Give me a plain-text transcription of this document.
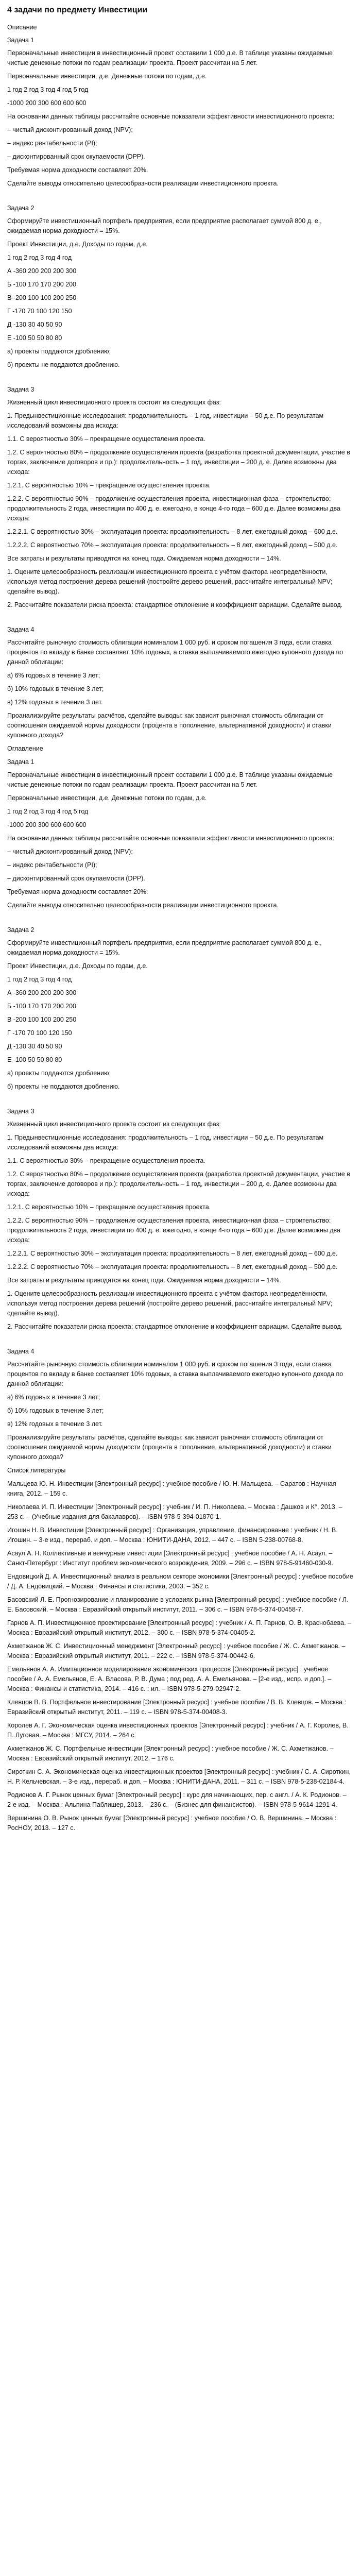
4 задачи по предмету Инвестиции
Описание
Задача 1
Первоначальные инвестиции в инвестиционный проект составили 1 000 д.е. В таблице указаны ожидаемые чистые денежные потоки по годам реализации проекта. Проект рассчитан на 5 лет.
Первоначальные инвестиции, д.е. Денежные потоки по годам, д.е.
1 год 2 год 3 год 4 год 5 год
-1000 200 300 600 600 600
На основании данных таблицы рассчитайте основные показатели эффективности инвестиционного проекта:
– чистый дисконтированный доход (NPV);
– индекс рентабельности (PI);
– дисконтированный срок окупаемости (DPP).
Требуемая норма доходности составляет 20%.
Сделайте выводы относительно целесообразности реализации инвестиционного проекта.
Задача 2
Сформируйте инвестиционный портфель предприятия, если предприятие располагает суммой 800 д. е., ожидаемая норма доходности = 15%.
Проект Инвестиции, д.е. Доходы по годам, д.е.
1 год 2 год 3 год 4 год
А -360 200 200 200 300
Б -100 170 170 200 200
В -200 100 100 200 250
Г -170 70 100 120 150
Д -130 30 40 50 90
Е -100 50 50 80 80
а) проекты поддаются дроблению;
б) проекты не поддаются дроблению.
Задача 3
Жизненный цикл инвестиционного проекта состоит из следующих фаз:
1. Предынвестиционные исследования: продолжительность – 1 год, инвестиции – 50 д.е. По результатам исследований возможны два исхода:
1.1. С вероятностью 30% – прекращение осуществления проекта.
1.2. С вероятностью 80% – продолжение осуществления проекта (разработка проектной документации, участие в торгах, заключение договоров и пр.): продолжительность – 1 год, инвестиции – 200 д. е. Далее возможны два исхода:
1.2.1. С вероятностью 10% – прекращение осуществления проекта.
1.2.2. С вероятностью 90% – продолжение осуществления проекта, инвестиционная фаза – строительство: продолжительность 2 года, инвестиции по 400 д. е. ежегодно, в конце 4-го года – 600 д.е. Далее возможны два исхода:
1.2.2.1. С вероятностью 30% – эксплуатация проекта: продолжительность – 8 лет, ежегодный доход – 600 д.е.
1.2.2.2. С вероятностью 70% – эксплуатация проекта: продолжительность – 8 лет, ежегодный доход – 500 д.е.
Все затраты и результаты приводятся на конец года. Ожидаемая норма доходности – 14%.
1. Оцените целесообразность реализации инвестиционного проекта с учётом фактора неопределённости, используя метод построения дерева решений (постройте дерево решений, рассчитайте интегральный NPV; сделайте вывод).
2. Рассчитайте показатели риска проекта: стандартное отклонение и коэффициент вариации. Сделайте вывод.
Задача 4
Рассчитайте рыночную стоимость облигации номиналом 1 000 руб. и сроком погашения 3 года, если ставка процентов по вкладу в банке составляет 10% годовых, а ставка выплачиваемого ежегодно купонного дохода по данной облигации:
а) 6% годовых в течение 3 лет;
б) 10% годовых в течение 3 лет;
в) 12% годовых в течение 3 лет.
Проанализируйте результаты расчётов, сделайте выводы: как зависит рыночная стоимость облигации от соотношения ожидаемой нормы доходности (процента в пополнение, альтернативной доходности) и ставки купонного дохода?
Оглавление
Задача 1
Первоначальные инвестиции в инвестиционный проект составили 1 000 д.е. В таблице указаны ожидаемые чистые денежные потоки по годам реализации проекта. Проект рассчитан на 5 лет.
Первоначальные инвестиции, д.е. Денежные потоки по годам, д.е.
1 год 2 год 3 год 4 год 5 год
-1000 200 300 600 600 600
На основании данных таблицы рассчитайте основные показатели эффективности инвестиционного проекта:
– чистый дисконтированный доход (NPV);
– индекс рентабельности (PI);
– дисконтированный срок окупаемости (DPP).
Требуемая норма доходности составляет 20%.
Сделайте выводы относительно целесообразности реализации инвестиционного проекта.
Задача 2
Сформируйте инвестиционный портфель предприятия, если предприятие располагает суммой 800 д. е., ожидаемая норма доходности = 15%.
Проект Инвестиции, д.е. Доходы по годам, д.е.
1 год 2 год 3 год 4 год
А -360 200 200 200 300
Б -100 170 170 200 200
В -200 100 100 200 250
Г -170 70 100 120 150
Д -130 30 40 50 90
Е -100 50 50 80 80
а) проекты поддаются дроблению;
б) проекты не поддаются дроблению.
Задача 3
Жизненный цикл инвестиционного проекта состоит из следующих фаз:
1. Предынвестиционные исследования: продолжительность – 1 год, инвестиции – 50 д.е. По результатам исследований возможны два исхода:
1.1. С вероятностью 30% – прекращение осуществления проекта.
1.2. С вероятностью 80% – продолжение осуществления проекта (разработка проектной документации, участие в торгах, заключение договоров и пр.): продолжительность – 1 год, инвестиции – 200 д. е. Далее возможны два исхода:
1.2.1. С вероятностью 10% – прекращение осуществления проекта.
1.2.2. С вероятностью 90% – продолжение осуществления проекта, инвестиционная фаза – строительство: продолжительность 2 года, инвестиции по 400 д. е. ежегодно, в конце 4-го года – 600 д.е. Далее возможны два исхода:
1.2.2.1. С вероятностью 30% – эксплуатация проекта: продолжительность – 8 лет, ежегодный доход – 600 д.е.
1.2.2.2. С вероятностью 70% – эксплуатация проекта: продолжительность – 8 лет, ежегодный доход – 500 д.е.
Все затраты и результаты приводятся на конец года. Ожидаемая норма доходности – 14%.
1. Оцените целесообразность реализации инвестиционного проекта с учётом фактора неопределённости, используя метод построения дерева решений (постройте дерево решений, рассчитайте интегральный NPV; сделайте вывод).
2. Рассчитайте показатели риска проекта: стандартное отклонение и коэффициент вариации. Сделайте вывод.
Задача 4
Рассчитайте рыночную стоимость облигации номиналом 1 000 руб. и сроком погашения 3 года, если ставка процентов по вкладу в банке составляет 10% годовых, а ставка выплачиваемого ежегодно купонного дохода по данной облигации:
а) 6% годовых в течение 3 лет;
б) 10% годовых в течение 3 лет;
в) 12% годовых в течение 3 лет.
Проанализируйте результаты расчётов, сделайте выводы: как зависит рыночная стоимость облигации от соотношения ожидаемой нормы доходности (процента в пополнение, альтернативной доходности) и ставки купонного дохода?
Список литературы
Мальцева Ю. Н. Инвестиции [Электронный ресурс] : учебное пособие / Ю. Н. Мальцева. – Саратов : Научная книга, 2012. – 159 с.
Николаева И. П. Инвестиции [Электронный ресурс] : учебник / И. П. Николаева. – Москва : Дашков и К°, 2013. – 253 с. – (Учебные издания для бакалавров). – ISBN 978-5-394-01870-1.
Игошин Н. В. Инвестиции [Электронный ресурс] : Организация, управление, финансирование : учебник / Н. В. Игошин. – 3-е изд., перераб. и доп. – Москва : ЮНИТИ-ДАНА, 2012. – 447 с. – ISBN 5-238-00768-8.
Асаул А. Н. Коллективные и венчурные инвестиции [Электронный ресурс] : учебное пособие / А. Н. Асаул. – Санкт-Петербург : Институт проблем экономического возрождения, 2009. – 296 с. – ISBN 978-5-91460-030-9.
Ендовицкий Д. А. Инвестиционный анализ в реальном секторе экономики [Электронный ресурс] : учебное пособие / Д. А. Ендовицкий. – Москва : Финансы и статистика, 2003. – 352 с.
Басовский Л. Е. Прогнозирование и планирование в условиях рынка [Электронный ресурс] : учебное пособие / Л. Е. Басовский. – Москва : Евразийский открытый институт, 2011. – 306 с. – ISBN 978-5-374-00458-7.
Гарнов А. П. Инвестиционное проектирование [Электронный ресурс] : учебник / А. П. Гарнов, О. В. Краснобаева. – Москва : Евразийский открытый институт, 2012. – 300 с. – ISBN 978-5-374-00405-2.
Ахметжанов Ж. С. Инвестиционный менеджмент [Электронный ресурс] : учебное пособие / Ж. С. Ахметжанов. – Москва : Евразийский открытый институт, 2011. – 222 с. – ISBN 978-5-374-00442-6.
Емельянов А. А. Имитационное моделирование экономических процессов [Электронный ресурс] : учебное пособие / А. А. Емельянов, Е. А. Власова, Р. В. Дума ; под ред. А. А. Емельянова. – [2-е изд., испр. и доп.]. – Москва : Финансы и статистика, 2014. – 416 с. : ил. – ISBN 978-5-279-02947-2.
Клевцов В. В. Портфельное инвестирование [Электронный ресурс] : учебное пособие / В. В. Клевцов. – Москва : Евразийский открытый институт, 2011. – 119 с. – ISBN 978-5-374-00408-3.
Королев А. Г. Экономическая оценка инвестиционных проектов [Электронный ресурс] : учебник / А. Г. Королев, В. П. Луговая. – Москва : МГСУ, 2014. – 264 с.
Ахметжанов Ж. С. Портфельные инвестиции [Электронный ресурс] : учебное пособие / Ж. С. Ахметжанов. – Москва : Евразийский открытый институт, 2012. – 176 с.
Сироткин С. А. Экономическая оценка инвестиционных проектов [Электронный ресурс] : учебник / С. А. Сироткин, Н. Р. Кельчевская. – 3-е изд., перераб. и доп. – Москва : ЮНИТИ-ДАНА, 2011. – 311 с. – ISBN 978-5-238-02184-4.
Родионов А. Г. Рынок ценных бумаг [Электронный ресурс] : курс для начинающих, пер. с англ. / А. К. Родионов. – 2-е изд. – Москва : Альпина Паблишер, 2013. – 236 с. – (Бизнес для финансистов). – ISBN 978-5-9614-1291-4.
Вершинина О. В. Рынок ценных бумаг [Электронный ресурс] : учебное пособие / О. В. Вершинина. – Москва : РосНОУ, 2013. – 127 с.
